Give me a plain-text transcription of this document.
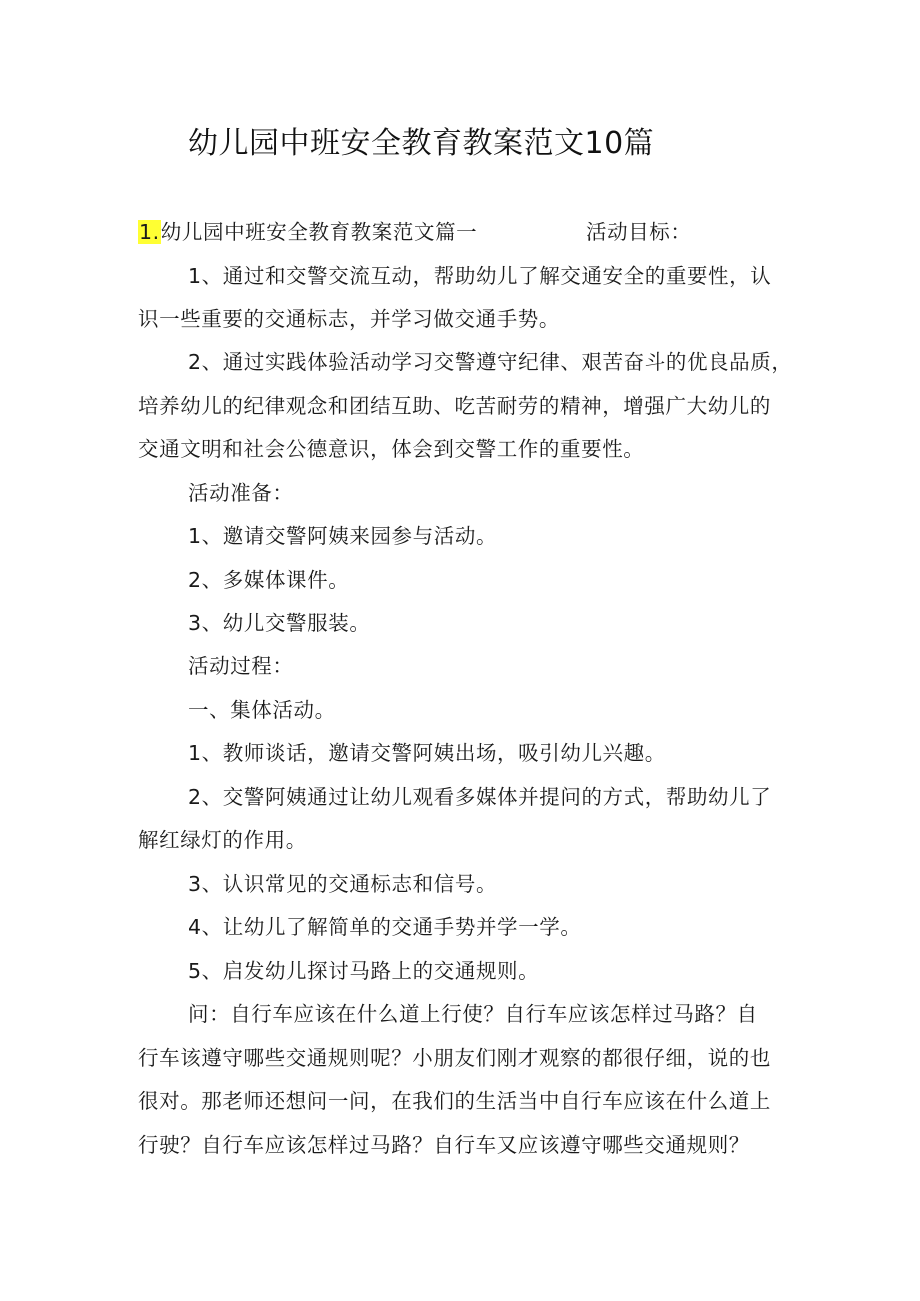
幼儿园中班安全教育教案范文10篇
1.幼儿园中班安全教育教案范文篇一	活动目标：
1、通过和交警交流互动，帮助幼儿了解交通安全的重要性，认
识一些重要的交通标志，并学习做交通手势。
2、通过实践体验活动学习交警遵守纪律、艰苦奋斗的优良品质，
培养幼儿的纪律观念和团结互助、吃苦耐劳的精神，增强广大幼儿的
交通文明和社会公德意识，体会到交警工作的重要性。
活动准备：
1、邀请交警阿姨来园参与活动。
2、多媒体课件。
3、幼儿交警服装。
活动过程：
一、集体活动。
1、教师谈话，邀请交警阿姨出场，吸引幼儿兴趣。
2、交警阿姨通过让幼儿观看多媒体并提问的方式，帮助幼儿了
解红绿灯的作用。
3、认识常见的交通标志和信号。
4、让幼儿了解简单的交通手势并学一学。
5、启发幼儿探讨马路上的交通规则。
问：自行车应该在什么道上行使？自行车应该怎样过马路？自
行车该遵守哪些交通规则呢？小朋友们刚才观察的都很仔细，说的也
很对。那老师还想问一问，在我们的生活当中自行车应该在什么道上
行驶？自行车应该怎样过马路？自行车又应该遵守哪些交通规则？
